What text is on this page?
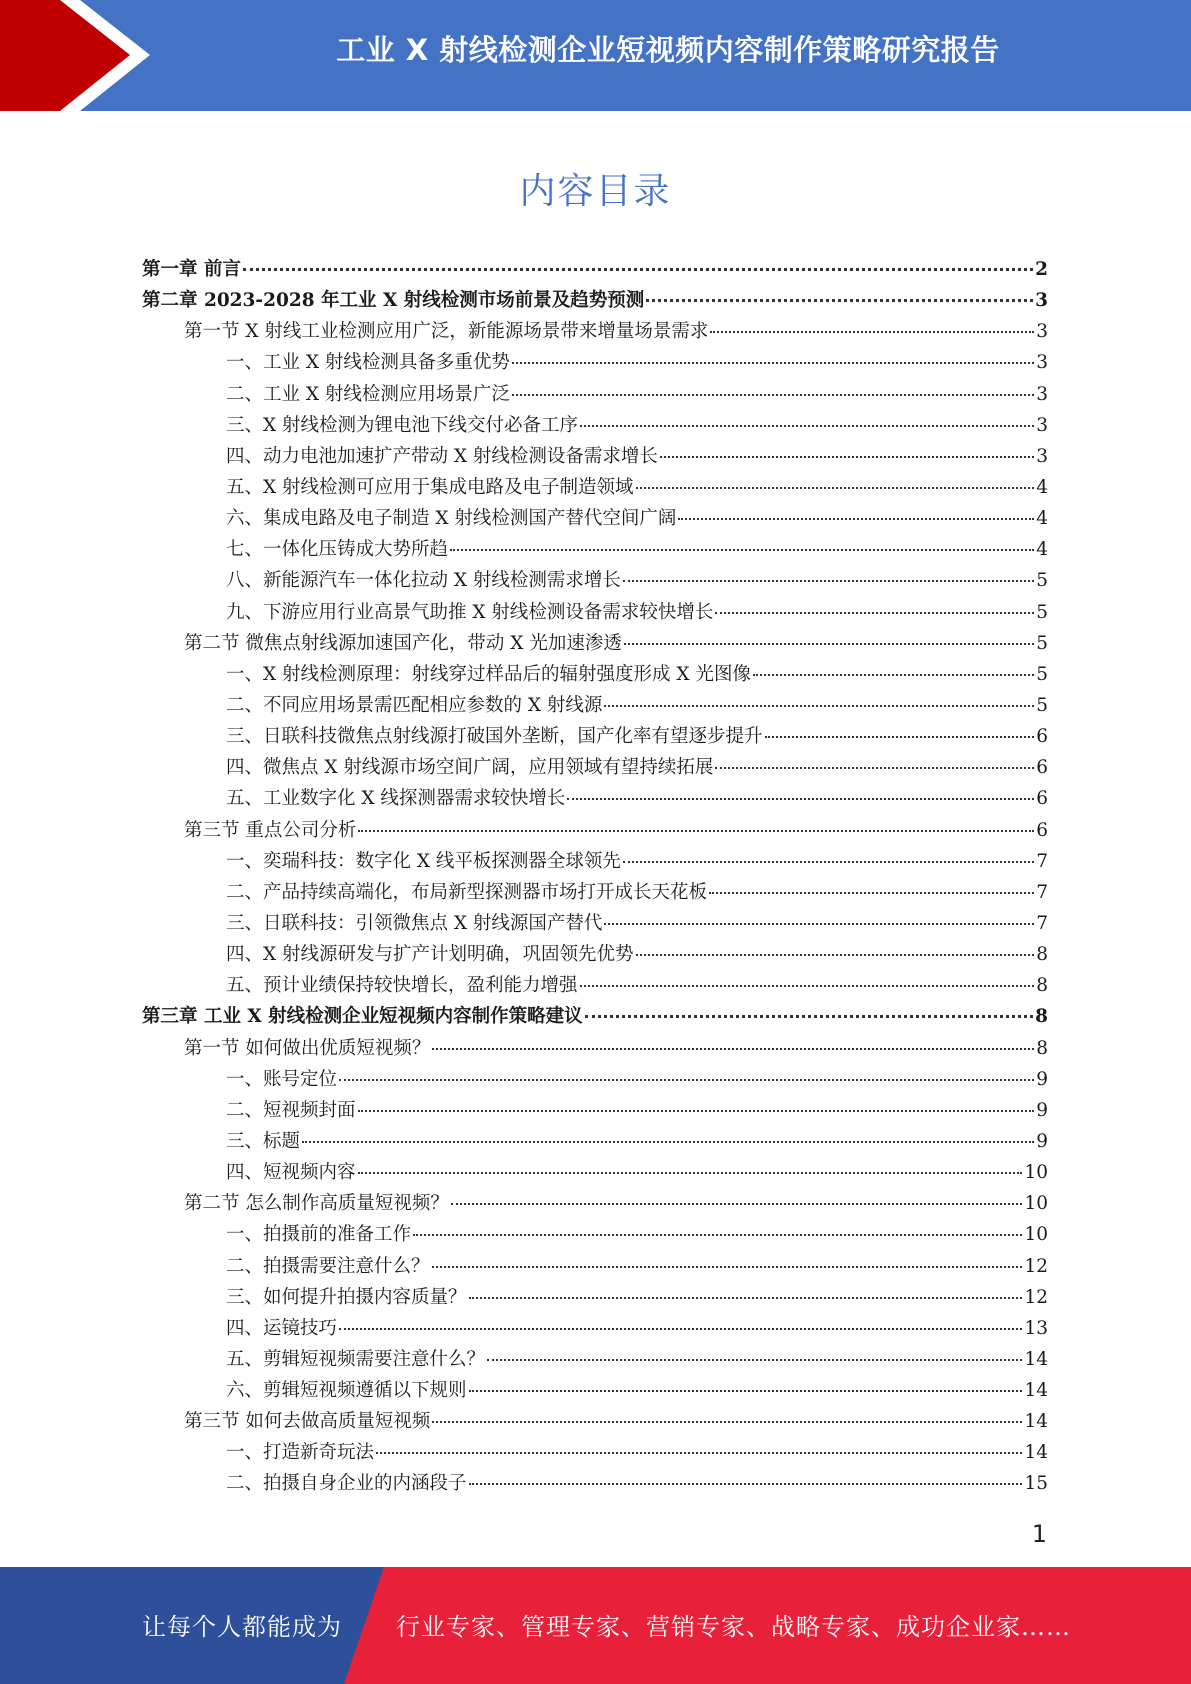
工业 X 射线检测企业短视频内容制作策略研究报告
内容目录
第一章 前言	2
第二章 2023-2028 年工业 X 射线检测市场前景及趋势预测	3
第一节 X 射线工业检测应用广泛，新能源场景带来增量场景需求	3
一、工业 X 射线检测具备多重优势	3
二、工业 X 射线检测应用场景广泛	3
三、X 射线检测为锂电池下线交付必备工序	3
四、动力电池加速扩产带动 X 射线检测设备需求增长	3
五、X 射线检测可应用于集成电路及电子制造领域	4
六、集成电路及电子制造 X 射线检测国产替代空间广阔	4
七、一体化压铸成大势所趋	4
八、新能源汽车一体化拉动 X 射线检测需求增长	5
九、下游应用行业高景气助推 X 射线检测设备需求较快增长	5
第二节 微焦点射线源加速国产化，带动 X 光加速渗透	5
一、X 射线检测原理：射线穿过样品后的辐射强度形成 X 光图像	5
二、不同应用场景需匹配相应参数的 X 射线源	5
三、日联科技微焦点射线源打破国外垄断，国产化率有望逐步提升	6
四、微焦点 X 射线源市场空间广阔，应用领域有望持续拓展	6
五、工业数字化 X 线探测器需求较快增长	6
第三节 重点公司分析	6
一、奕瑞科技：数字化 X 线平板探测器全球领先	7
二、产品持续高端化，布局新型探测器市场打开成长天花板	7
三、日联科技：引领微焦点 X 射线源国产替代	7
四、X 射线源研发与扩产计划明确，巩固领先优势	8
五、预计业绩保持较快增长，盈利能力增强	8
第三章 工业 X 射线检测企业短视频内容制作策略建议	8
第一节 如何做出优质短视频？	8
一、账号定位	9
二、短视频封面	9
三、标题	9
四、短视频内容	10
第二节 怎么制作高质量短视频？	10
一、拍摄前的准备工作	10
二、拍摄需要注意什么？	12
三、如何提升拍摄内容质量？	12
四、运镜技巧	13
五、剪辑短视频需要注意什么？	14
六、剪辑短视频遵循以下规则	14
第三节 如何去做高质量短视频	14
一、打造新奇玩法	14
二、拍摄自身企业的内涵段子	15
1
让每个人都能成为 行业专家、管理专家、营销专家、战略专家、成功企业家……
